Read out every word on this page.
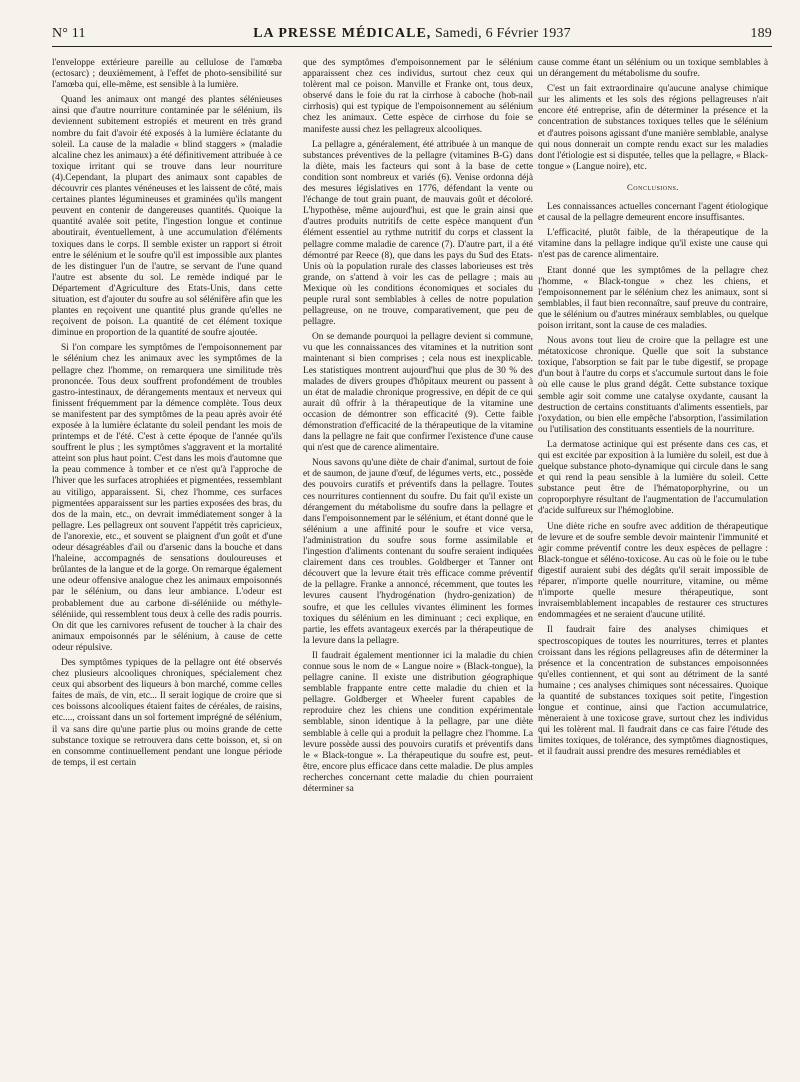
N° 11	LA PRESSE MÉDICALE, Samedi, 6 Février 1937	189

l'enveloppe extérieure pareille au cellulose de l'amœba (ectosarc) ; deuxièmement, à l'effet de photo-sensibilité sur l'amœba qui, elle-même, est sensible à la lumière.

Quand les animaux ont mangé des plantes sélénieuses ainsi que d'autre nourriture contaminée par le sélénium, ils deviennent subitement estropiés et meurent en très grand nombre du fait d'avoir été exposés à la lumière éclatante du soleil. La cause de la maladie « blind staggers » (maladie alcaline chez les animaux) a été définitivement attribuée à ce toxique irritant qui se trouve dans leur nourriture (4).Cependant, la plupart des animaux sont capables de découvrir ces plantes vénéneuses et les laissent de côté, mais certaines plantes légumineuses et graminées qu'ils mangent peuvent en contenir de dangereuses quantités. Quoique la quantité avalée soit petite, l'ingestion longue et continue aboutirait, éventuellement, à une accumulation d'éléments toxiques dans le corps. Il semble exister un rapport si étroit entre le sélénium et le soufre qu'il est impossible aux plantes de les distinguer l'un de l'autre, se servant de l'une quand l'autre est absente du sol. Le remède indiqué par le Département d'Agriculture des Etats-Unis, dans cette situation, est d'ajouter du soufre au sol sélénifère afin que les plantes en reçoivent une quantité plus grande qu'elles ne reçoivent de poison. La quantité de cet élément toxique diminue en proportion de la quantité de soufre ajoutée.

Si l'on compare les symptômes de l'empoisonnement par le sélénium chez les animaux avec les symptômes de la pellagre chez l'homme, on remarquera une similitude très prononcée. Tous deux souffrent profondément de troubles gastro-intestinaux, de dérangements mentaux et nerveux qui finissent fréquemment par la démence complète. Tous deux se manifestent par des symptômes de la peau après avoir été exposée à la lumière éclatante du soleil pendant les mois de printemps et de l'été. C'est à cette époque de l'année qu'ils souffrent le plus ; les symptômes s'aggravent et la mortalité atteint son plus haut point. C'est dans les mois d'automne que la peau commence à tomber et ce n'est qu'à l'approche de l'hiver que les surfaces atrophiées et pigmentées, ressemblant au vitiligo, apparaissent. Si, chez l'homme, ces surfaces pigmentées apparaissent sur les parties exposées des bras, du dos de la main, etc., on devrait immédiatement songer à la pellagre. Les pellagreux ont souvent l'appétit très capricieux, de l'anorexie, etc., et souvent se plaignent d'un goût et d'une odeur désagréables d'ail ou d'arsenic dans la bouche et dans l'haleine, accompagnés de sensations douloureuses et brûlantes de la langue et de la gorge. On remarque également une odeur offensive analogue chez les animaux empoisonnés par le sélénium, ou dans leur ambiance. L'odeur est probablement due au carbone di-séléniide ou méthyle-séléniide, qui ressemblent tous deux à celle des radis pourris. On dit que les carnivores refusent de toucher à la chair des animaux empoisonnés par le sélénium, à cause de cette odeur répulsive.

Des symptômes typiques de la pellagre ont été observés chez plusieurs alcooliques chroniques, spécialement chez ceux qui absorbent des liqueurs à bon marché, comme celles faites de maïs, de vin, etc... Il serait logique de croire que si ces boissons alcooliques étaient faites de céréales, de raisins, etc...., croissant dans un sol fortement imprégné de sélénium, il va sans dire qu'une partie plus ou moins grande de cette substance toxique se retrouvera dans cette boisson, et, si on en consomme continuellement pendant une longue période de temps, il est certain

que des symptômes d'empoisonnement par le sélénium apparaissent chez ces individus, surtout chez ceux qui tolèrent mal ce poison. Manville et Franke ont, tous deux, observé dans le foie du rat la cirrhose à caboche (hob-nail cirrhosis) qui est typique de l'empoisonnement au sélénium chez les animaux. Cette espèce de cirrhose du foie se manifeste aussi chez les pellagreux alcooliques.

La pellagre a, généralement, été attribuée à un manque de substances préventives de la pellagre (vitamines B-G) dans la diète, mais les facteurs qui sont à la base de cette condition sont nombreux et variés (6). Venise ordonna déjà des mesures législatives en 1776, défendant la vente ou l'échange de tout grain puant, de mauvais goût et décoloré. L'hypothèse, même aujourd'hui, est que le grain ainsi que d'autres produits nutritifs de cette espèce manquent d'un élément essentiel au rythme nutritif du corps et classent la pellagre comme maladie de carence (7). D'autre part, il a été démontré par Reece (8), que dans les pays du Sud des Etats-Unis où la population rurale des classes laborieuses est très grande, on s'attend à voir les cas de pellagre ; mais au Mexique où les conditions économiques et sociales du peuple rural sont semblables à celles de notre population pellagreuse, on ne trouve, comparativement, que peu de pellagre.

On se demande pourquoi la pellagre devient si commune, vu que les connaissances des vitamines et la nutrition sont maintenant si bien comprises ; cela nous est inexplicable. Les statistiques montrent aujourd'hui que plus de 30 % des malades de divers groupes d'hôpitaux meurent ou passent à un état de maladie chronique progressive, en dépit de ce qui aurait dû offrir à la thérapeutique de la vitamine une occasion de démontrer son efficacité (9). Cette faible démonstration d'efficacité de la thérapeutique de la vitamine dans la pellagre ne fait que confirmer l'existence d'une cause qui n'est que de carence alimentaire.

Nous savons qu'une diète de chair d'animal, surtout de foie et de saumon, de jaune d'œuf, de légumes verts, etc., possède des pouvoirs curatifs et préventifs dans la pellagre. Toutes ces nourritures contiennent du soufre. Du fait qu'il existe un dérangement du métabolisme du soufre dans la pellagre et dans l'empoisonnement par le sélénium, et étant donné que le sélénium a une affinité pour le soufre et vice versa, l'administration du soufre sous forme assimilable et l'ingestion d'aliments contenant du soufre seraient indiquées clairement dans ces troubles. Goldberger et Tanner ont découvert que la levure était très efficace comme préventif de la pellagre. Franke a annoncé, récemment, que toutes les levures causent l'hydrogénation (hydro-genization) de soufre, et que les cellules vivantes éliminent les formes toxiques du sélénium en les diminuant ; ceci explique, en partie, les effets avantageux exercés par la thérapeutique de la levure dans la pellagre.

Il faudrait également mentionner ici la maladie du chien connue sous le nom de « Langue noire » (Black-tongue), la pellagre canine. Il existe une distribution géographique semblable frappante entre cette maladie du chien et la pellagre. Goldberger et Wheeler furent capables de reproduire chez les chiens une condition expérimentale semblable, sinon identique à la pellagre, par une diète semblable à celle qui a produit la pellagre chez l'homme. La levure possède aussi des pouvoirs curatifs et préventifs dans le « Black-tongue ». La thérapeutique du soufre est, peut-être, encore plus efficace dans cette maladie. De plus amples recherches concernant cette maladie du chien pourraient déterminer sa

cause comme étant un sélénium ou un toxique semblables à un dérangement du métabolisme du soufre.

C'est un fait extraordinaire qu'aucune analyse chimique sur les aliments et les sols des régions pellagreuses n'ait encore été entreprise, afin de déterminer la présence et la concentration de substances toxiques telles que le sélénium et d'autres poisons agissant d'une manière semblable, analyse qui nous donnerait un compte rendu exact sur les maladies dont l'étiologie est si disputée, telles que la pellagre, « Black-tongue » (Langue noire), etc.

Conclusions.

Les connaissances actuelles concernant l'agent étiologique et causal de la pellagre demeurent encore insuffisantes.

L'efficacité, plutôt faible, de la thérapeutique de la vitamine dans la pellagre indique qu'il existe une cause qui n'est pas de carence alimentaire.

Etant donné que les symptômes de la pellagre chez l'homme, « Black-tongue » chez les chiens, et l'empoisonnement par le sélénium chez les animaux, sont si semblables, il faut bien reconnaître, sauf preuve du contraire, que le sélénium ou d'autres minéraux semblables, ou quelque poison irritant, sont la cause de ces maladies.

Nous avons tout lieu de croire que la pellagre est une métatoxicose chronique. Quelle que soit la substance toxique, l'absorption se fait par le tube digestif, se propage d'un bout à l'autre du corps et s'accumule surtout dans le foie où elle cause le plus grand dégât. Cette substance toxique semble agir soit comme une catalyse oxydante, causant la destruction de certains constituants d'aliments essentiels, par l'oxydation, ou bien elle empêche l'absorption, l'assimilation ou l'utilisation des constituants essentiels de la nourriture.

La dermatose actinique qui est présente dans ces cas, et qui est excitée par exposition à la lumière du soleil, est due à quelque substance photo-dynamique qui circule dans le sang et qui rend la peau sensible à la lumière du soleil. Cette substance peut être de l'hématoporphyrine, ou un coproporphyre résultant de l'augmentation de l'accumulation d'acide sulfureux sur l'hémoglobine.

Une diète riche en soufre avec addition de thérapeutique de levure et de soufre semble devoir maintenir l'immunité et agir comme préventif contre les deux espèces de pellagre : Black-tongue et séléno-toxicose. Au cas où le foie ou le tube digestif auraient subi des dégâts qu'il serait impossible de réparer, n'importe quelle nourriture, vitamine, ou même n'importe quelle mesure thérapeutique, sont invraisemblablement incapables de restaurer ces structures endommagées et ne seraient d'aucune utilité.

Il faudrait faire des analyses chimiques et spectroscopiques de toutes les nourritures, terres et plantes croissant dans les régions pellagreuses afin de déterminer la présence et la concentration de substances empoisonnées qu'elles contiennent, et qui sont au détriment de la santé humaine ; ces analyses chimiques sont nécessaires. Quoique la quantité de substances toxiques soit petite, l'ingestion longue et continue, ainsi que l'action accumulatrice, mèneraient à une toxicose grave, surtout chez les individus qui les tolèrent mal. Il faudrait dans ce cas faire l'étude des limites toxiques, de tolérance, des symptômes diagnostiques, et il faudrait aussi prendre des mesures remédiables et
